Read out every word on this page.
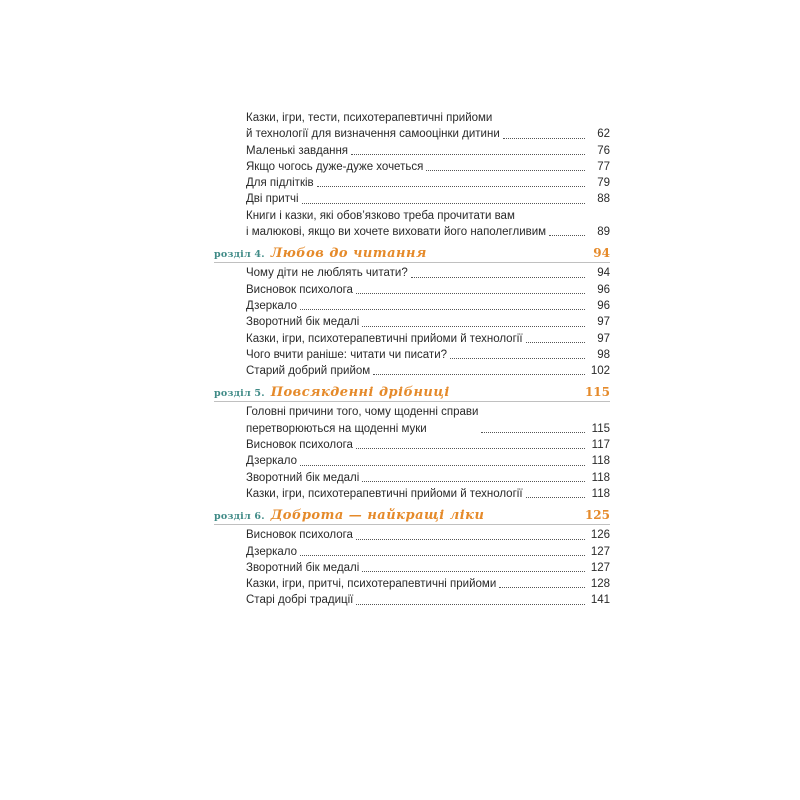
Казки, ігри, тести, психотерапевтичні прийоми
й технології для визначення самооцінки дитини	62
Маленькі завдання	76
Якщо чогось дуже-дуже хочеться	77
Для підлітків	79
Дві притчі	88
Книги і казки, які обов’язково треба прочитати вам
і малюкові, якщо ви хочете виховати його наполегливим	89
розділ 4. Любов до читання	94
Чому діти не люблять читати?	94
Висновок психолога	96
Дзеркало	96
Зворотний бік медалі	97
Казки, ігри, психотерапевтичні прийоми й технології	97
Чого вчити раніше: читати чи писати?	98
Старий добрий прийом	102
розділ 5. Повсякденні дрібниці	115
Головні причини того, чому щоденні справи
перетворюються на щоденні муки	115
Висновок психолога	117
Дзеркало	118
Зворотний бік медалі	118
Казки, ігри, психотерапевтичні прийоми й технології	118
розділ 6. Доброта — найкращі ліки	125
Висновок психолога	126
Дзеркало	127
Зворотний бік медалі	127
Казки, ігри, притчі, психотерапевтичні прийоми	128
Старі добрі традиції	141
